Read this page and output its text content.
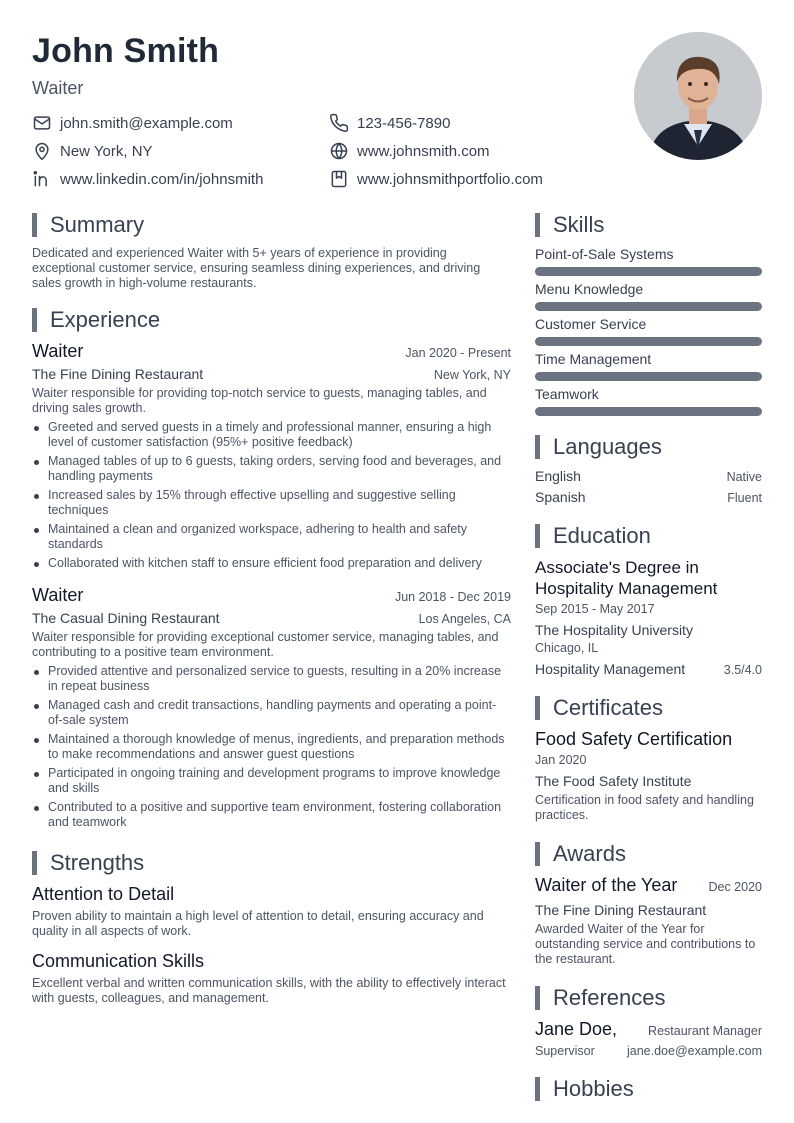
John Smith
Waiter
john.smith@example.com	123-456-7890
New York, NY	www.johnsmith.com
www.linkedin.com/in/johnsmith	www.johnsmithportfolio.com
Summary

Dedicated and experienced Waiter with 5+ years of experience in providing exceptional customer service, ensuring seamless dining experiences, and driving sales growth in high-volume restaurants.

Experience
Waiter	Jan 2020 - Present
The Fine Dining Restaurant	New York, NY

Waiter responsible for providing top-notch service to guests, managing tables, and driving sales growth.

Greeted and served guests in a timely and professional manner, ensuring a high level of customer satisfaction (95%+ positive feedback)
Managed tables of up to 6 guests, taking orders, serving food and beverages, and handling payments
Increased sales by 15% through effective upselling and suggestive selling techniques
Maintained a clean and organized workspace, adhering to health and safety standards
Collaborated with kitchen staff to ensure efficient food preparation and delivery
Waiter	Jun 2018 - Dec 2019
The Casual Dining Restaurant	Los Angeles, CA

Waiter responsible for providing exceptional customer service, managing tables, and contributing to a positive team environment.

Provided attentive and personalized service to guests, resulting in a 20% increase in repeat business
Managed cash and credit transactions, handling payments and operating a point-of-sale system
Maintained a thorough knowledge of menus, ingredients, and preparation methods to make recommendations and answer guest questions
Participated in ongoing training and development programs to improve knowledge and skills
Contributed to a positive and supportive team environment, fostering collaboration and teamwork
Strengths
Attention to Detail

Proven ability to maintain a high level of attention to detail, ensuring accuracy and quality in all aspects of work.

Communication Skills

Excellent verbal and written communication skills, with the ability to effectively interact with guests, colleagues, and management.

Skills
Point-of-Sale Systems
Menu Knowledge
Customer Service
Time Management
Teamwork
Languages
English	Native
Spanish	Fluent
Education
Associate's Degree in Hospitality Management
Sep 2015 - May 2017
The Hospitality University
Chicago, IL
Hospitality Management	3.5/4.0
Certificates
Food Safety Certification
Jan 2020
The Food Safety Institute

Certification in food safety and handling practices.

Awards
Waiter of the Year Dec 2020
The Fine Dining Restaurant

Awarded Waiter of the Year for outstanding service and contributions to the restaurant.

References
Jane Doe, Restaurant Manager
Supervisor	jane.doe@example.com
Hobbies
